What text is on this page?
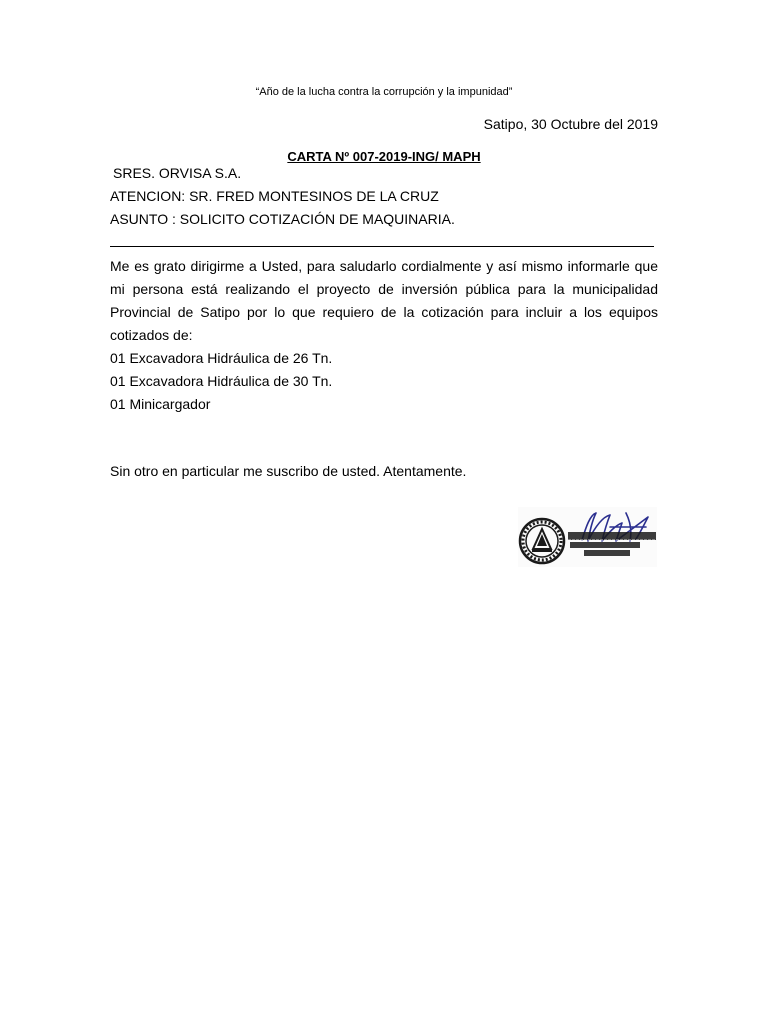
“Año de la lucha contra la corrupción y la impunidad”
Satipo, 30 Octubre del 2019
CARTA Nº 007-2019-ING/ MAPH
SRES. ORVISA S.A.
ATENCION: SR. FRED MONTESINOS DE LA CRUZ
ASUNTO : SOLICITO COTIZACIÓN DE MAQUINARIA.
Me es grato dirigirme a Usted, para saludarlo cordialmente y así mismo informarle que mi persona está realizando el proyecto de inversión pública para la municipalidad Provincial de Satipo por lo que requiero de la cotización para incluir a los equipos cotizados de:
01 Excavadora Hidráulica de 26 Tn.
01 Excavadora Hidráulica de 30 Tn.
01 Minicargador
Sin otro en particular me suscribo de usted. Atentamente.
